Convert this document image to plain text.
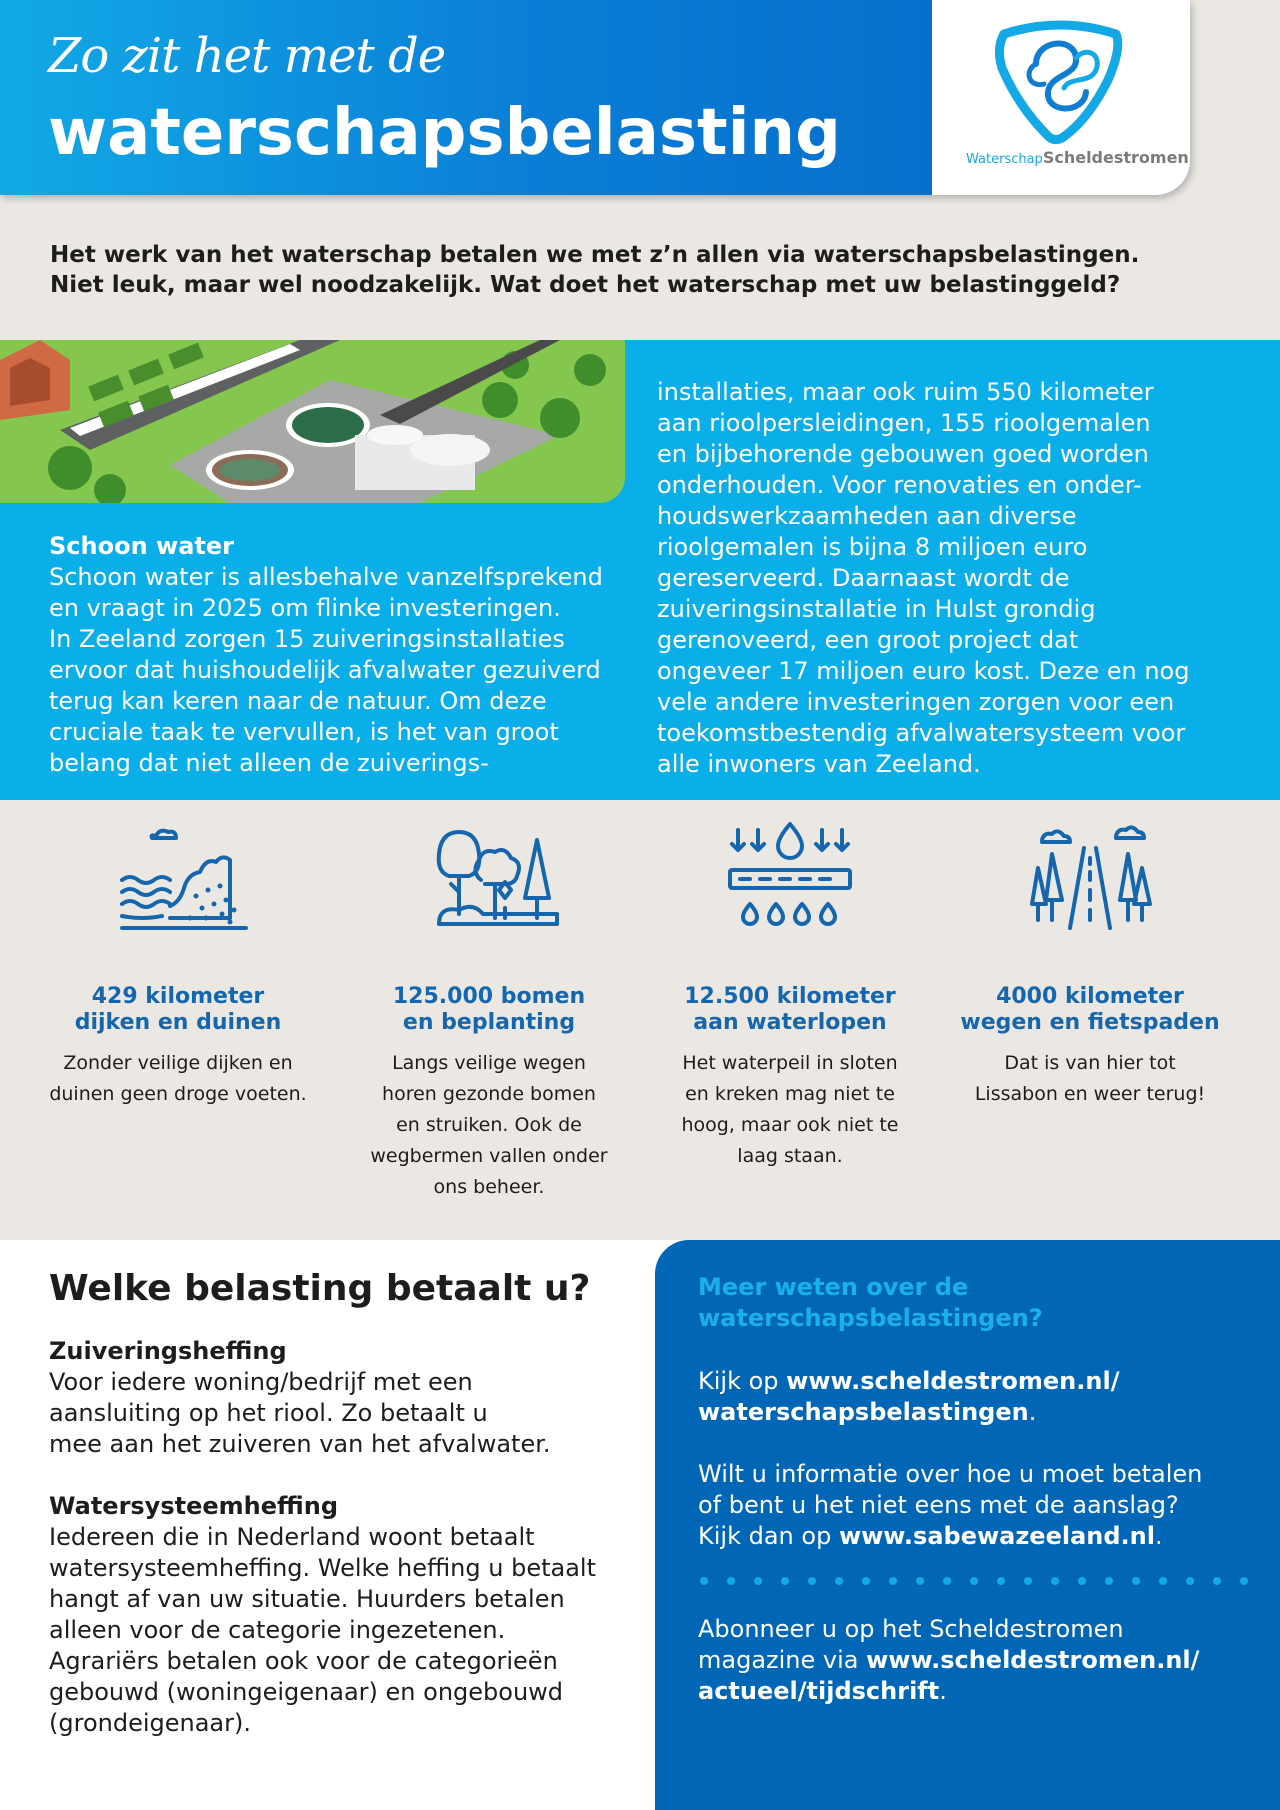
Zo zit het met de
waterschapsbelasting	WaterschapScheldestromen
Het werk van het waterschap betalen we met z’n allen via waterschapsbelastingen.
Niet leuk, maar wel noodzakelijk. Wat doet het waterschap met uw belastinggeld?
Schoon water
Schoon water is allesbehalve vanzelfsprekend
en vraagt in 2025 om flinke investeringen.
In Zeeland zorgen 15 zuiveringsinstallaties
ervoor dat huishoudelijk afvalwater gezuiverd
terug kan keren naar de natuur. Om deze
cruciale taak te vervullen, is het van groot
belang dat niet alleen de zuiverings-
installaties, maar ook ruim 550 kilometer
aan rioolpersleidingen, 155 rioolgemalen
en bijbehorende gebouwen goed worden
onderhouden. Voor renovaties en onder-
houdswerkzaamheden aan diverse
rioolgemalen is bijna 8 miljoen euro
gereserveerd. Daarnaast wordt de
zuiveringsinstallatie in Hulst grondig
gerenoveerd, een groot project dat
ongeveer 17 miljoen euro kost. Deze en nog
vele andere investeringen zorgen voor een
toekomstbestendig afvalwatersysteem voor
alle inwoners van Zeeland.
429 kilometer
dijken en duinen
Zonder veilige dijken en
duinen geen droge voeten.
125.000 bomen
en beplanting
Langs veilige wegen
horen gezonde bomen
en struiken. Ook de
wegbermen vallen onder
ons beheer.
12.500 kilometer
aan waterlopen
Het waterpeil in sloten
en kreken mag niet te
hoog, maar ook niet te
laag staan.
4000 kilometer
wegen en fietspaden
Dat is van hier tot
Lissabon en weer terug!
Welke belasting betaalt u?
Zuiveringsheffing
Voor iedere woning/bedrijf met een
aansluiting op het riool. Zo betaalt u
mee aan het zuiveren van het afvalwater.
Watersysteemheffing
Iedereen die in Nederland woont betaalt
watersysteemheffing. Welke heffing u betaalt
hangt af van uw situatie. Huurders betalen
alleen voor de categorie ingezetenen.
Agrariërs betalen ook voor de categorieën
gebouwd (woningeigenaar) en ongebouwd
(grondeigenaar).
Meer weten over de
waterschapsbelastingen?
Kijk op www.scheldestromen.nl/
waterschapsbelastingen.
Wilt u informatie over hoe u moet betalen
of bent u het niet eens met de aanslag?
Kijk dan op www.sabewazeeland.nl.
Abonneer u op het Scheldestromen
magazine via www.scheldestromen.nl/
actueel/tijdschrift.
